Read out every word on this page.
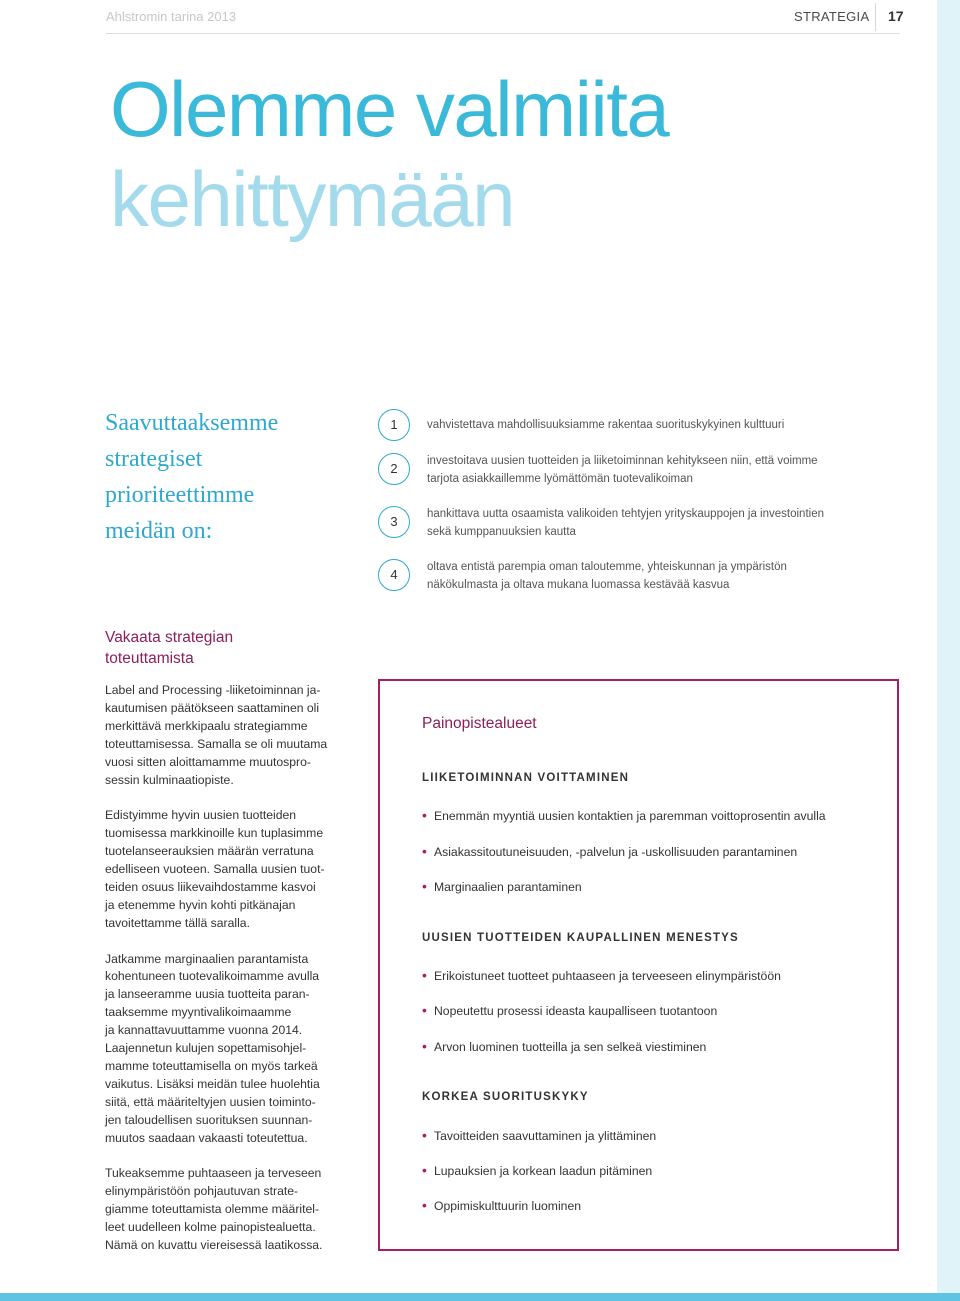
Ahlstromin tarina 2013	STRATEGIA 17
Olemme valmiita
kehittymään
Saavuttaaksemme
strategiset
prioriteettimme
meidän on:
1	vahvistettava mahdollisuuksiamme rakentaa suorituskykyinen kulttuuri
2	investoitava uusien tuotteiden ja liiketoiminnan kehitykseen niin, että voimme
tarjota asiakkaillemme lyömättömän tuotevalikoiman
3	hankittava uutta osaamista valikoiden tehtyjen yrityskauppojen ja investointien
sekä kumppanuuksien kautta
4	oltava entistä parempia oman taloutemme, yhteiskunnan ja ympäristön
näkökulmasta ja oltava mukana luomassa kestävää kasvua
Vakaata strategian
toteuttamista

Label and Processing -liiketoiminnan ja-
kautumisen päätökseen saattaminen oli
merkittävä merkkipaalu strategiamme
toteuttamisessa. Samalla se oli muutama
vuosi sitten aloittamamme muutospro-
sessin kulminaatiopiste.

Edistyimme hyvin uusien tuotteiden
tuomisessa markkinoille kun tuplasimme
tuotelanseerauksien määrän verratuna
edelliseen vuoteen. Samalla uusien tuot-
teiden osuus liikevaihdostamme kasvoi
ja etenemme hyvin kohti pitkänajan
tavoitettamme tällä saralla.

Jatkamme marginaalien parantamista
kohentuneen tuotevalikoimamme avulla
ja lanseeramme uusia tuotteita paran-
taaksemme myyntivalikoimaamme
ja kannattavuuttamme vuonna 2014.
Laajennetun kulujen sopettamisohjel-
mamme toteuttamisella on myös tarkeä
vaikutus. Lisäksi meidän tulee huolehtia
siitä, että määriteltyjen uusien toiminto-
jen taloudellisen suorituksen suunnan-
muutos saadaan vakaasti toteutettua.

Tukeaksemme puhtaaseen ja terveseen
elinympäristöön pohjautuvan strate-
giamme toteuttamista olemme määritel-
leet uudelleen kolme painopistealuetta.
Nämä on kuvattu viereisessä laatikossa.

Painopistealueet
LIIKETOIMINNAN VOITTAMINEN
• Enemmän myyntiä uusien kontaktien ja paremman voittoprosentin avulla
• Asiakassitoutuneisuuden, -palvelun ja -uskollisuuden parantaminen
• Marginaalien parantaminen
UUSIEN TUOTTEIDEN KAUPALLINEN MENESTYS
• Erikoistuneet tuotteet puhtaaseen ja terveeseen elinympäristöön
• Nopeutettu prosessi ideasta kaupalliseen tuotantoon
• Arvon luominen tuotteilla ja sen selkeä viestiminen
KORKEA SUORITUSKYKY
• Tavoitteiden saavuttaminen ja ylittäminen
• Lupauksien ja korkean laadun pitäminen
• Oppimiskulttuurin luominen
